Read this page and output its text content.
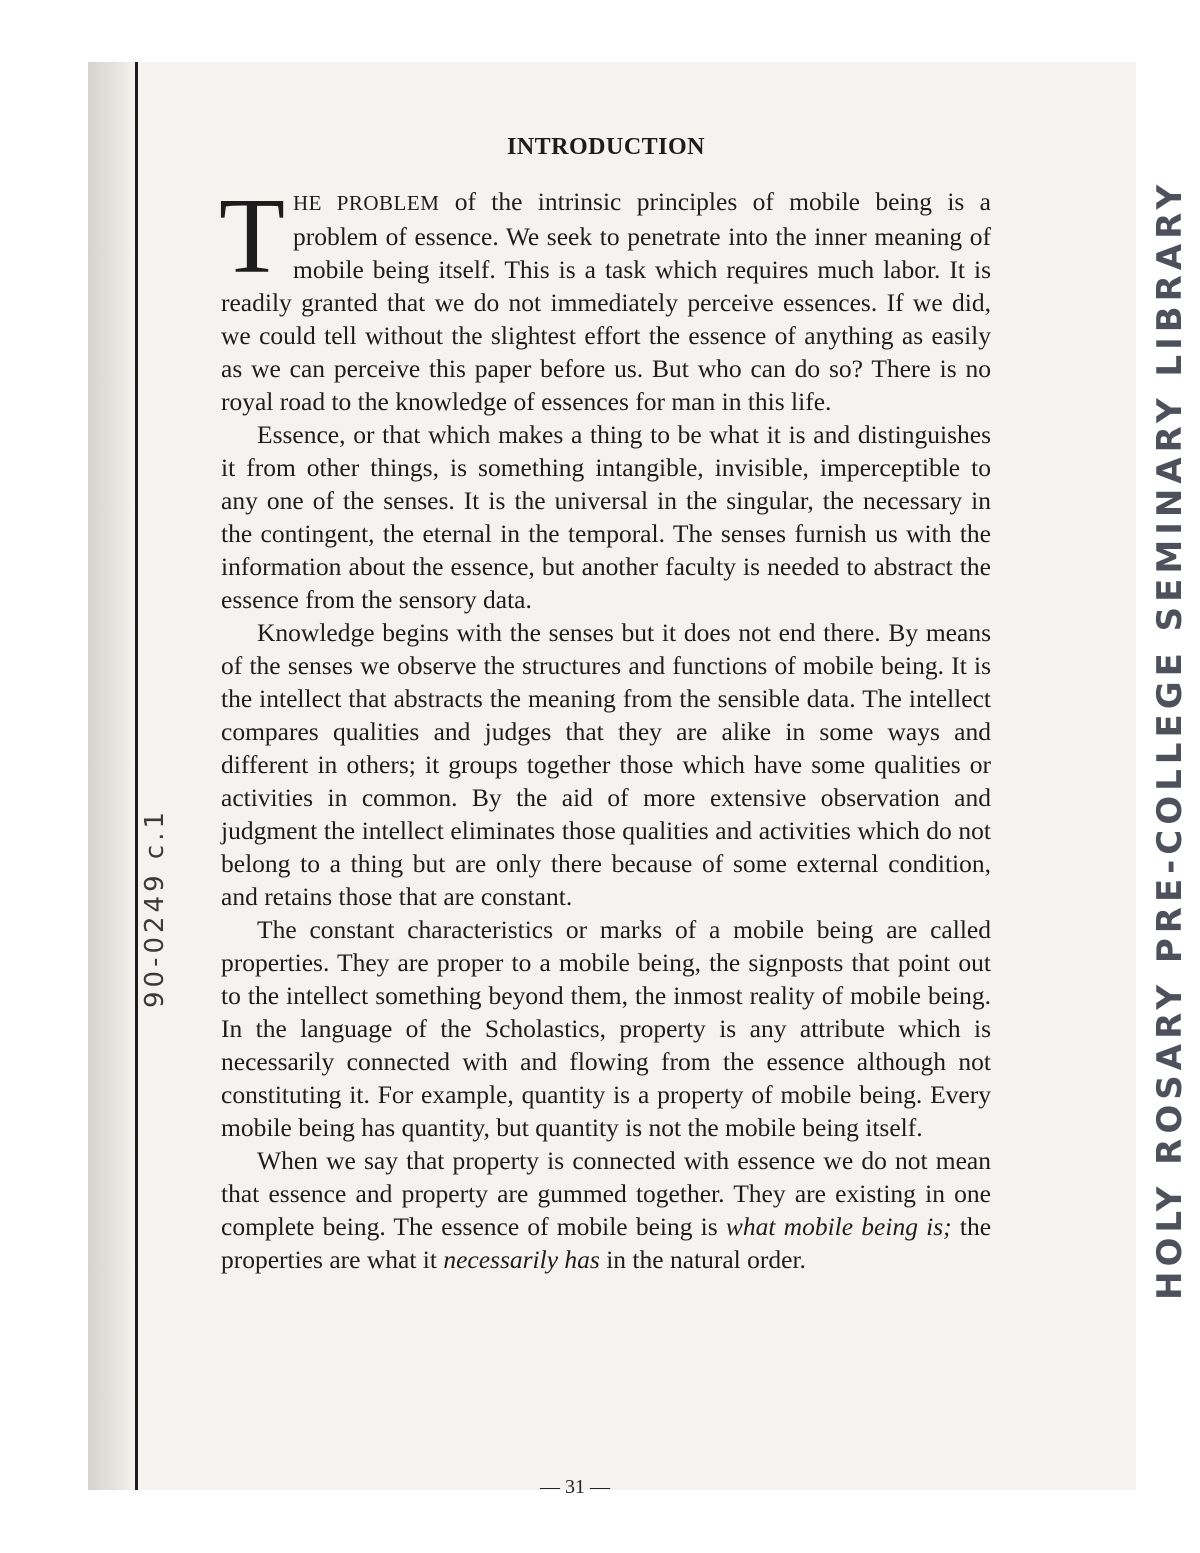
INTRODUCTION

THE PROBLEM of the intrinsic principles of mobile being is a problem of essence. We seek to penetrate into the inner meaning of mobile being itself. This is a task which requires much labor. It is readily granted that we do not immediately perceive essences. If we did, we could tell without the slightest effort the essence of anything as easily as we can perceive this paper before us. But who can do so? There is no royal road to the knowledge of essences for man in this life.

Essence, or that which makes a thing to be what it is and distinguishes it from other things, is something intangible, invisible, imperceptible to any one of the senses. It is the universal in the singular, the necessary in the contingent, the eternal in the temporal. The senses furnish us with the information about the essence, but another faculty is needed to abstract the essence from the sensory data.

Knowledge begins with the senses but it does not end there. By means of the senses we observe the structures and functions of mobile being. It is the intellect that abstracts the meaning from the sensible data. The intellect compares qualities and judges that they are alike in some ways and different in others; it groups together those which have some qualities or activities in common. By the aid of more extensive observation and judgment the intellect eliminates those qualities and activities which do not belong to a thing but are only there because of some external condition, and retains those that are constant.

The constant characteristics or marks of a mobile being are called properties. They are proper to a mobile being, the signposts that point out to the intellect something beyond them, the inmost reality of mobile being. In the language of the Scholastics, property is any attribute which is necessarily connected with and flowing from the essence although not constituting it. For example, quantity is a property of mobile being. Every mobile being has quantity, but quantity is not the mobile being itself.

When we say that property is connected with essence we do not mean that essence and property are gummed together. They are existing in one complete being. The essence of mobile being is what mobile being is; the properties are what it necessarily has in the natural order.

— 31 —
90-0249 c.1	HOLY ROSARY PRE-COLLEGE SEMINARY LIBRARY
